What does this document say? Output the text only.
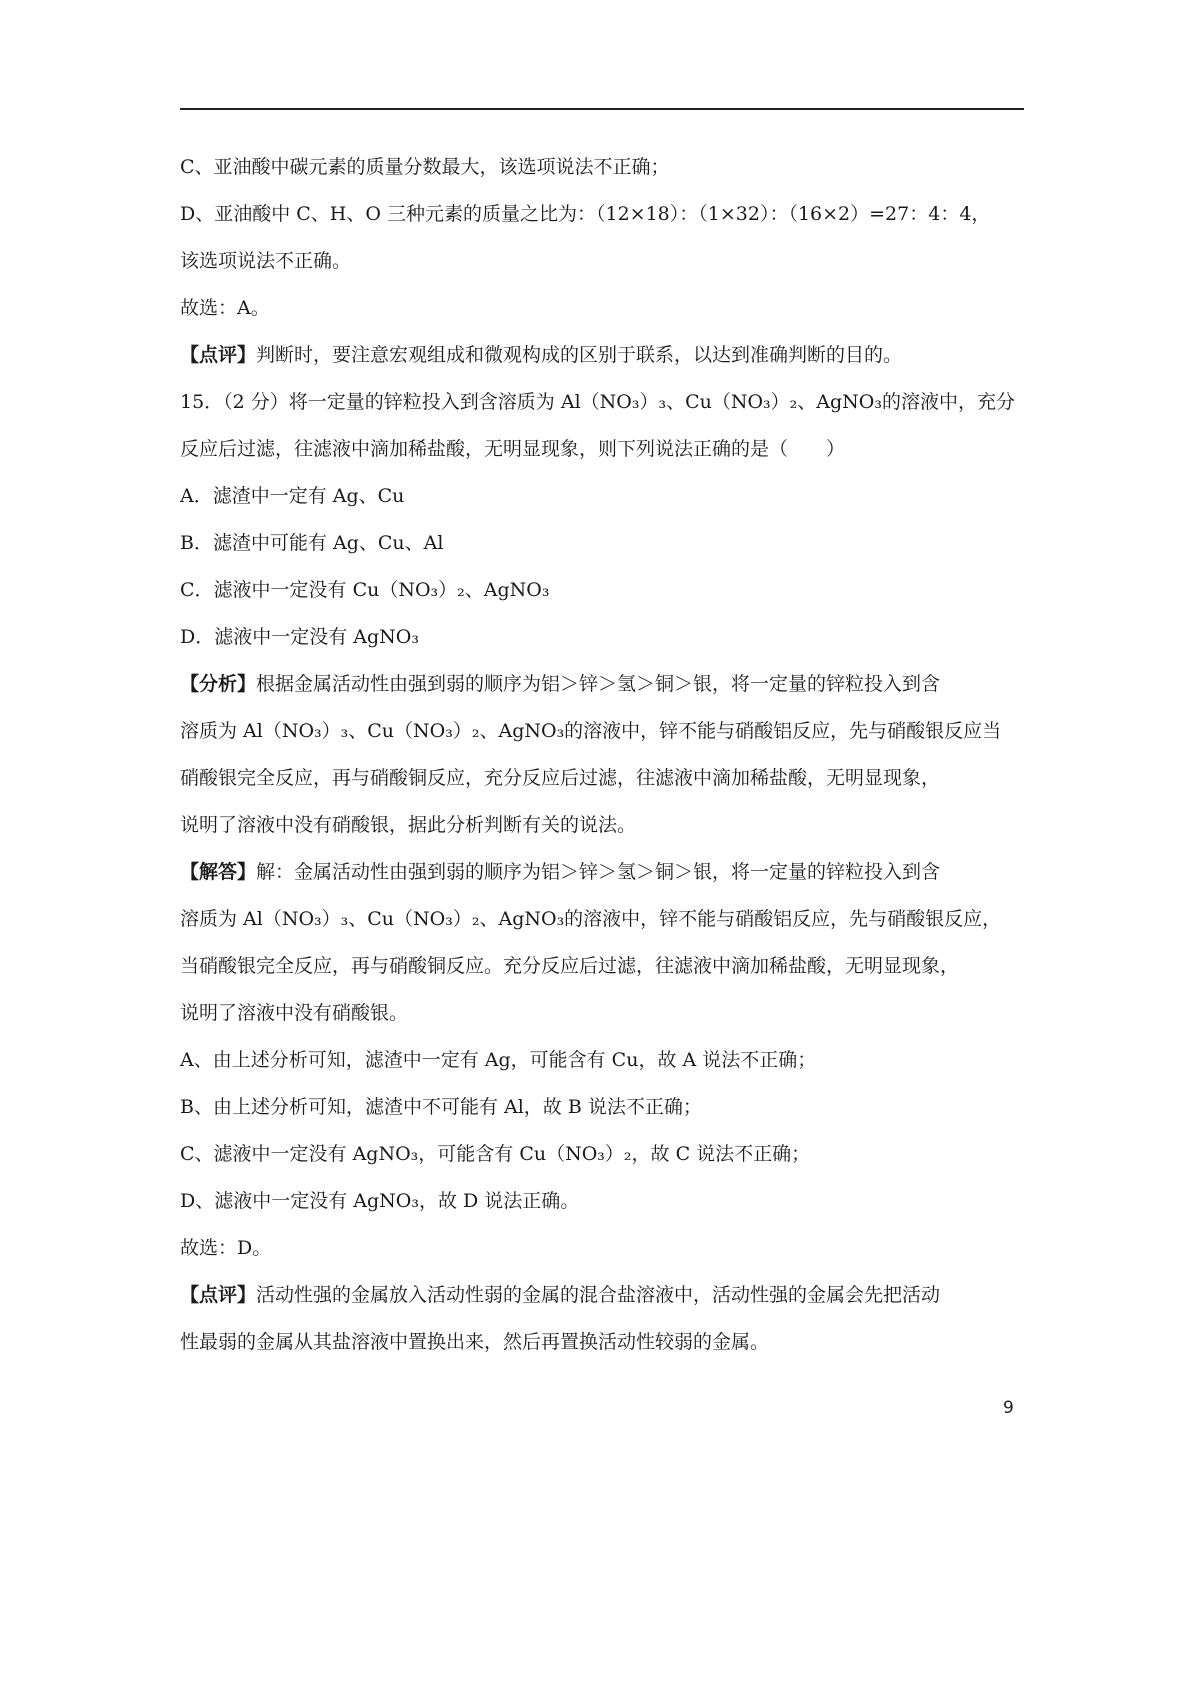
C、亚油酸中碳元素的质量分数最大，该选项说法不正确；

D、亚油酸中 C、H、O 三种元素的质量之比为：（12×18）：（1×32）：（16×2）=27：4：4，

该选项说法不正确。

故选：A。

【点评】判断时，要注意宏观组成和微观构成的区别于联系，以达到准确判断的目的。

15．（2 分）将一定量的锌粒投入到含溶质为 Al（NO₃）₃、Cu（NO₃）₂、AgNO₃的溶液中，充分

反应后过滤，往滤液中滴加稀盐酸，无明显现象，则下列说法正确的是（　　）

A．滤渣中一定有 Ag、Cu

B．滤渣中可能有 Ag、Cu、Al

C．滤液中一定没有 Cu（NO₃）₂、AgNO₃

D．滤液中一定没有 AgNO₃

【分析】根据金属活动性由强到弱的顺序为铝＞锌＞氢＞铜＞银，将一定量的锌粒投入到含

溶质为 Al（NO₃）₃、Cu（NO₃）₂、AgNO₃的溶液中，锌不能与硝酸铝反应，先与硝酸银反应当

硝酸银完全反应，再与硝酸铜反应，充分反应后过滤，往滤液中滴加稀盐酸，无明显现象，

说明了溶液中没有硝酸银，据此分析判断有关的说法。

【解答】解：金属活动性由强到弱的顺序为铝＞锌＞氢＞铜＞银，将一定量的锌粒投入到含

溶质为 Al（NO₃）₃、Cu（NO₃）₂、AgNO₃的溶液中，锌不能与硝酸铝反应，先与硝酸银反应，

当硝酸银完全反应，再与硝酸铜反应。充分反应后过滤，往滤液中滴加稀盐酸，无明显现象，

说明了溶液中没有硝酸银。

A、由上述分析可知，滤渣中一定有 Ag，可能含有 Cu，故 A 说法不正确；

B、由上述分析可知，滤渣中不可能有 Al，故 B 说法不正确；

C、滤液中一定没有 AgNO₃，可能含有 Cu（NO₃）₂，故 C 说法不正确；

D、滤液中一定没有 AgNO₃，故 D 说法正确。

故选：D。

【点评】活动性强的金属放入活动性弱的金属的混合盐溶液中，活动性强的金属会先把活动

性最弱的金属从其盐溶液中置换出来，然后再置换活动性较弱的金属。

9
